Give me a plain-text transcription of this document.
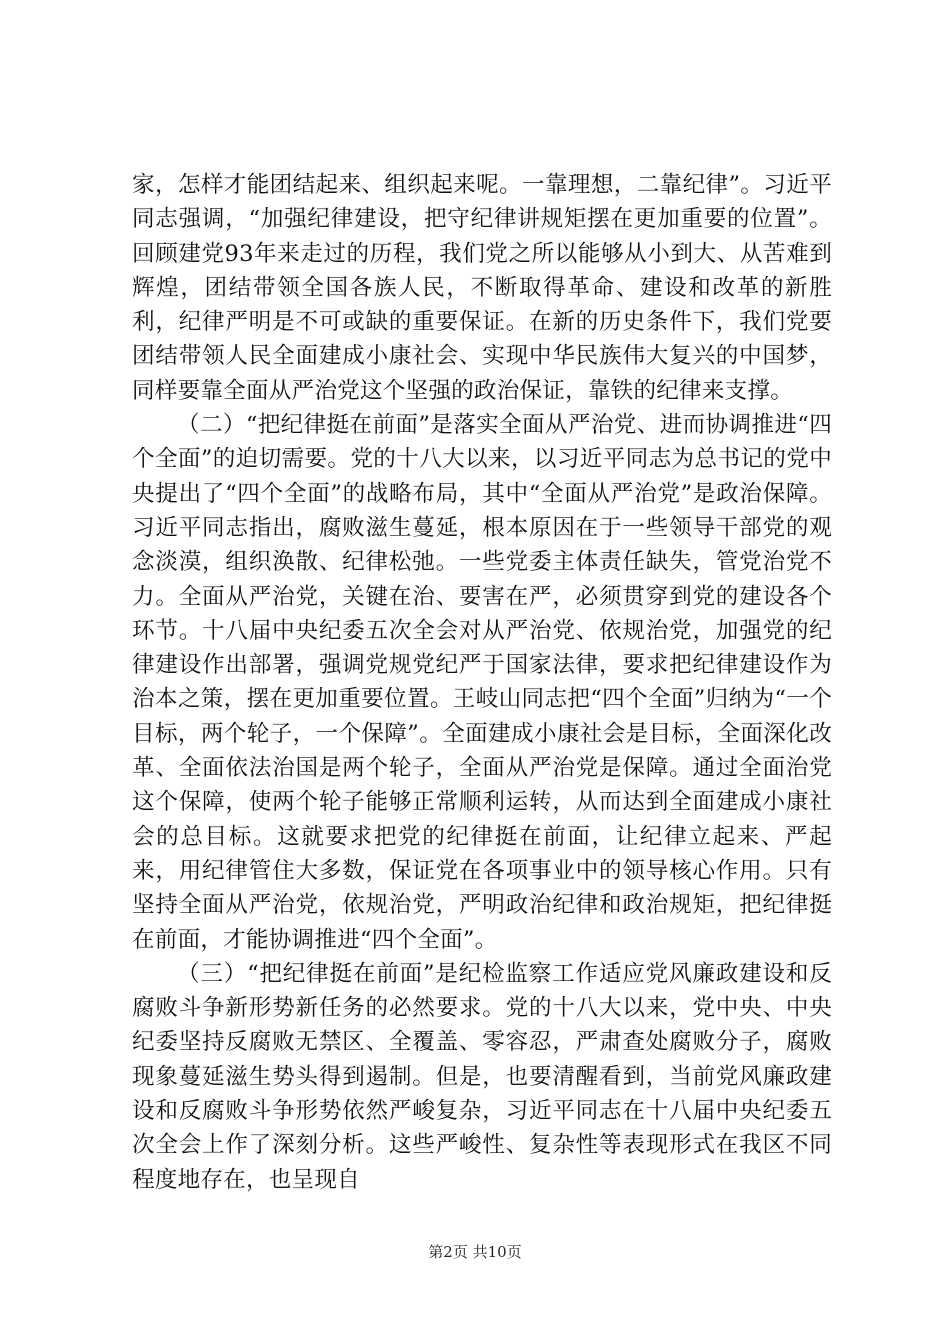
家，怎样才能团结起来、组织起来呢。一靠理想，二靠纪律”。习近平同志强调，“加强纪律建设，把守纪律讲规矩摆在更加重要的位置”。回顾建党93年来走过的历程，我们党之所以能够从小到大、从苦难到辉煌，团结带领全国各族人民，不断取得革命、建设和改革的新胜利，纪律严明是不可或缺的重要保证。在新的历史条件下，我们党要团结带领人民全面建成小康社会、实现中华民族伟大复兴的中国梦，同样要靠全面从严治党这个坚强的政治保证，靠铁的纪律来支撑。

（二）“把纪律挺在前面”是落实全面从严治党、进而协调推进“四个全面”的迫切需要。党的十八大以来，以习近平同志为总书记的党中央提出了“四个全面”的战略布局，其中“全面从严治党”是政治保障。习近平同志指出，腐败滋生蔓延，根本原因在于一些领导干部党的观念淡漠，组织涣散、纪律松弛。一些党委主体责任缺失，管党治党不力。全面从严治党，关键在治、要害在严，必须贯穿到党的建设各个环节。十八届中央纪委五次全会对从严治党、依规治党，加强党的纪律建设作出部署，强调党规党纪严于国家法律，要求把纪律建设作为治本之策，摆在更加重要位置。王岐山同志把“四个全面”归纳为“一个目标，两个轮子，一个保障”。全面建成小康社会是目标，全面深化改革、全面依法治国是两个轮子，全面从严治党是保障。通过全面治党这个保障，使两个轮子能够正常顺利运转，从而达到全面建成小康社会的总目标。这就要求把党的纪律挺在前面，让纪律立起来、严起来，用纪律管住大多数，保证党在各项事业中的领导核心作用。只有坚持全面从严治党，依规治党，严明政治纪律和政治规矩，把纪律挺在前面，才能协调推进“四个全面”。

（三）“把纪律挺在前面”是纪检监察工作适应党风廉政建设和反腐败斗争新形势新任务的必然要求。党的十八大以来，党中央、中央纪委坚持反腐败无禁区、全覆盖、零容忍，严肃查处腐败分子，腐败现象蔓延滋生势头得到遏制。但是，也要清醒看到，当前党风廉政建设和反腐败斗争形势依然严峻复杂，习近平同志在十八届中央纪委五次全会上作了深刻分析。这些严峻性、复杂性等表现形式在我区不同程度地存在，也呈现自

第2页 共10页
